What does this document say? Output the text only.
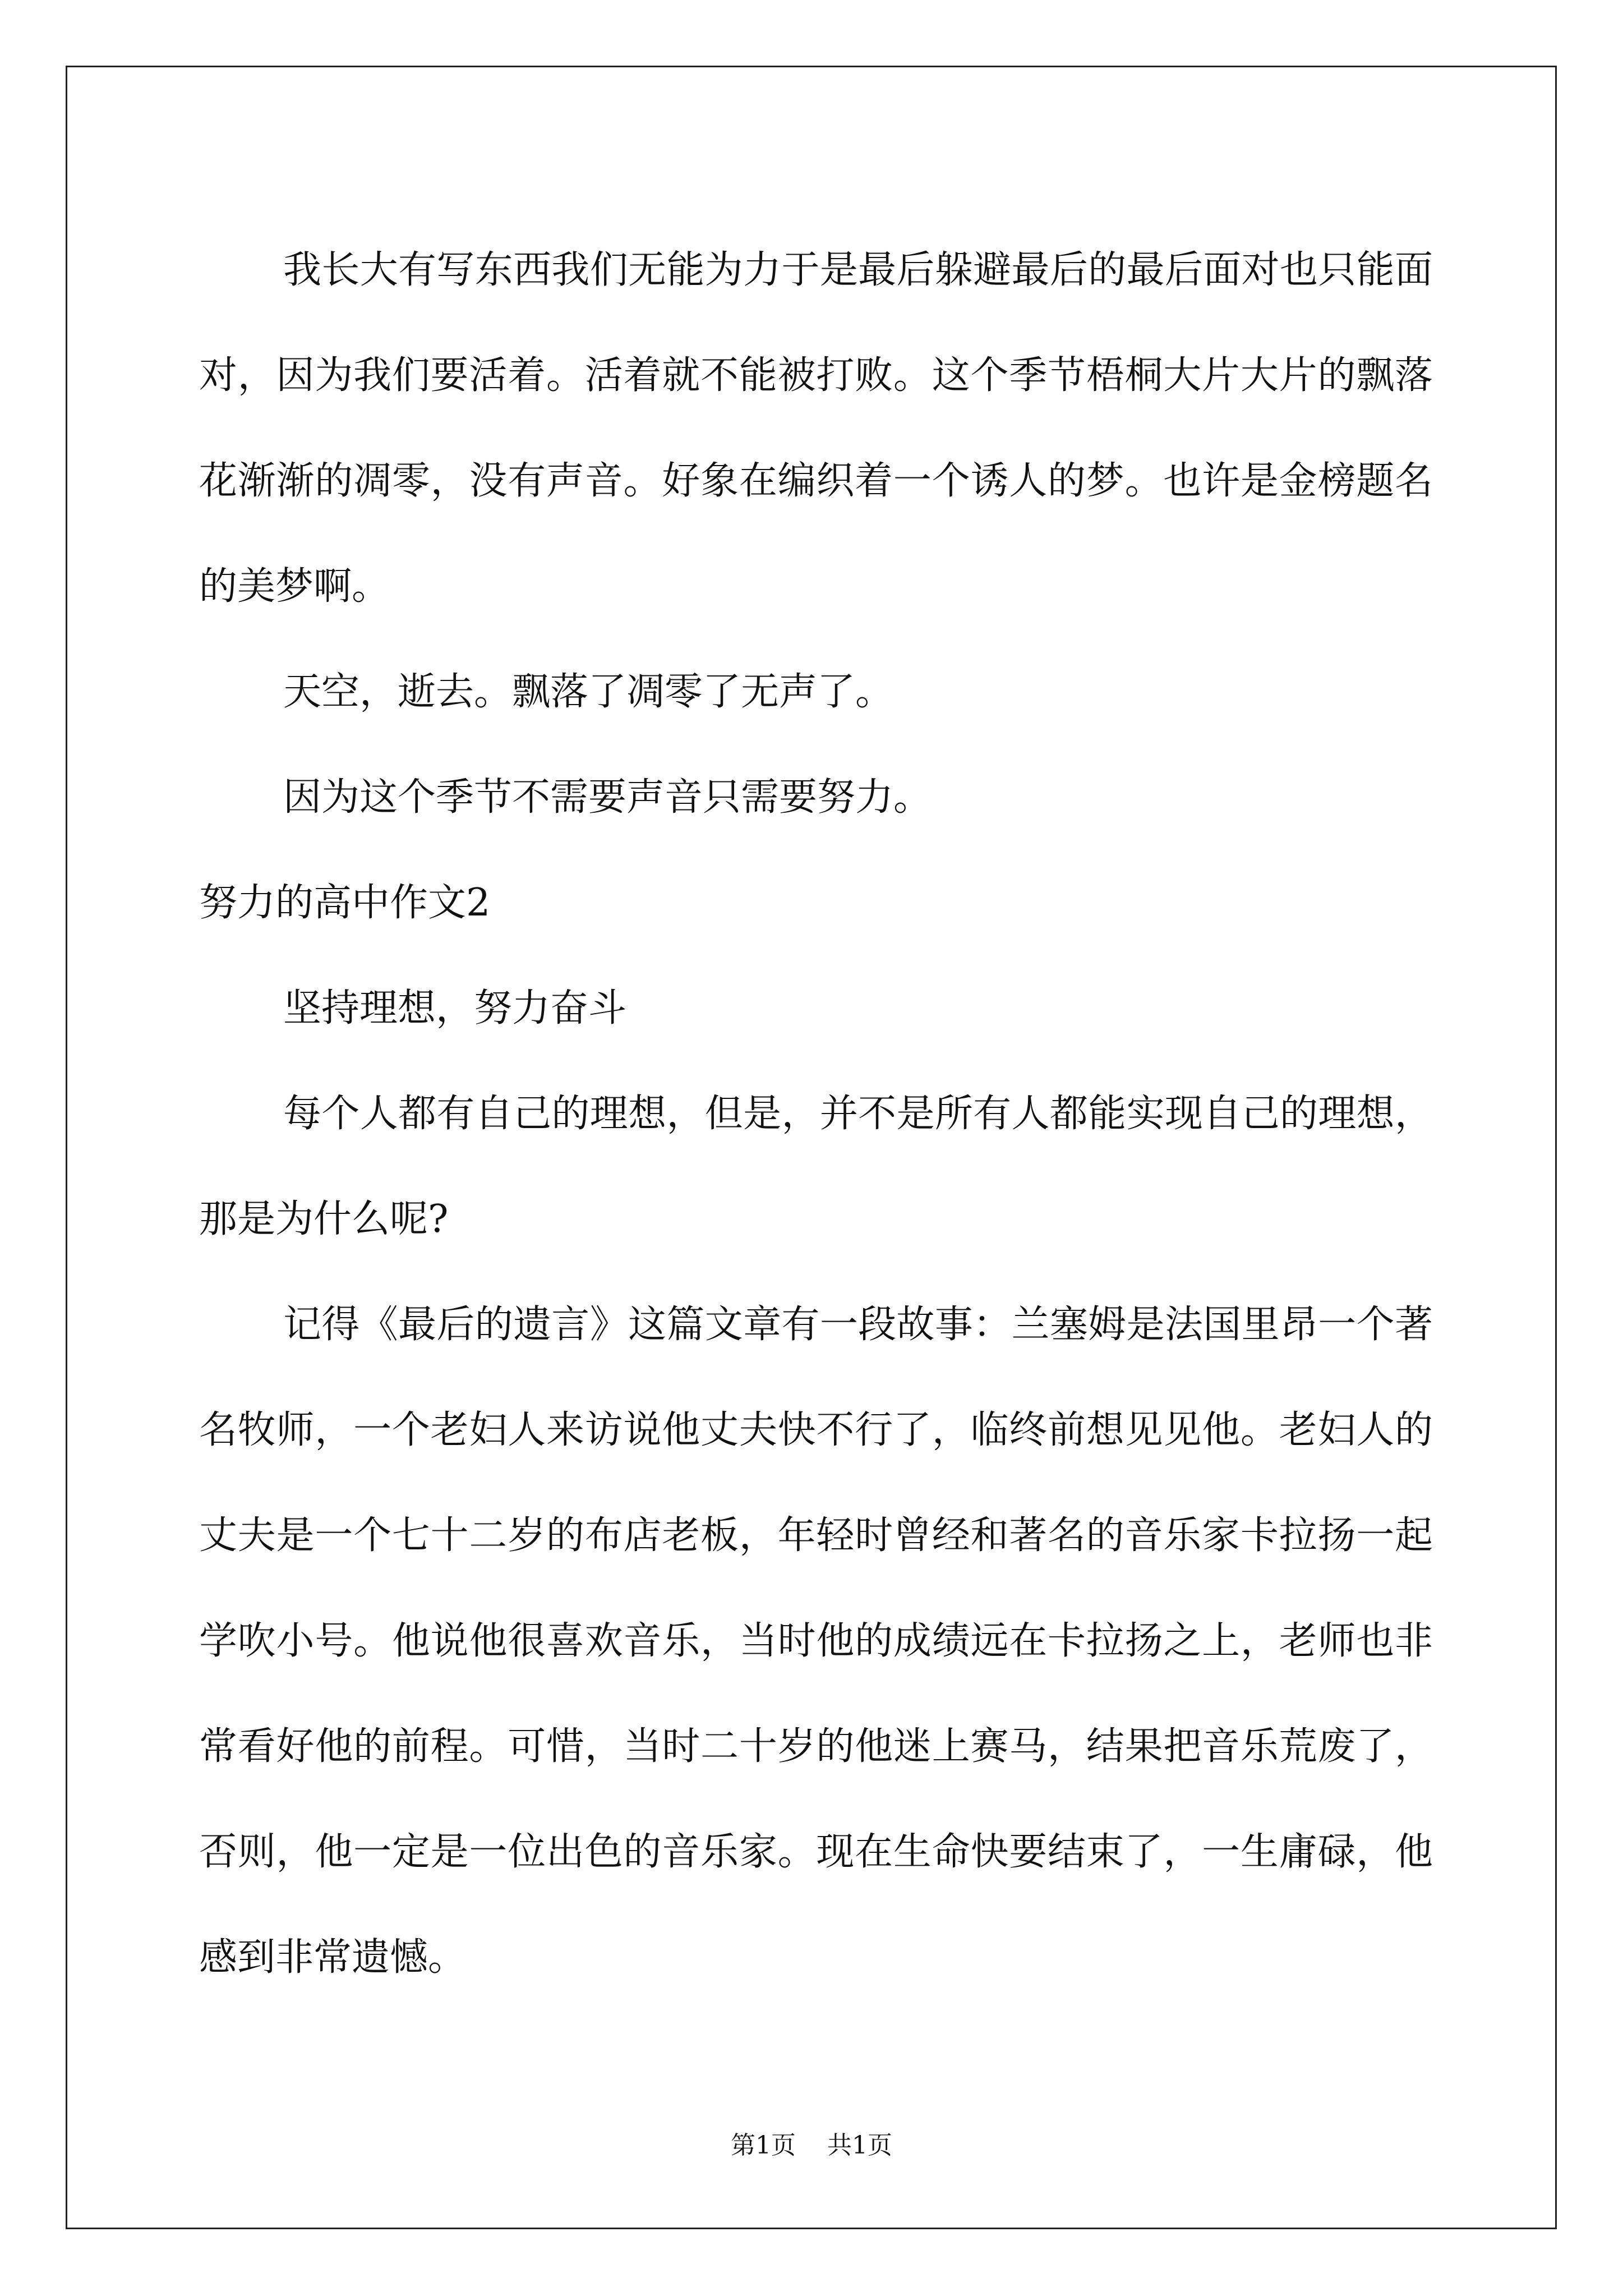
我长大有写东西我们无能为力于是最后躲避最后的最后面对也只能面对，因为我们要活着。活着就不能被打败。这个季节梧桐大片大片的飘落花渐渐的凋零，没有声音。好象在编织着一个诱人的梦。也许是金榜题名的美梦啊。

天空，逝去。飘落了凋零了无声了。

因为这个季节不需要声音只需要努力。

努力的高中作文2

坚持理想，努力奋斗

每个人都有自己的理想，但是，并不是所有人都能实现自己的理想，那是为什么呢?

记得《最后的遗言》这篇文章有一段故事：兰塞姆是法国里昂一个著名牧师，一个老妇人来访说他丈夫快不行了，临终前想见见他。老妇人的丈夫是一个七十二岁的布店老板，年轻时曾经和著名的音乐家卡拉扬一起学吹小号。他说他很喜欢音乐，当时他的成绩远在卡拉扬之上，老师也非常看好他的前程。可惜，当时二十岁的他迷上赛马，结果把音乐荒废了，否则，他一定是一位出色的音乐家。现在生命快要结束了，一生庸碌，他感到非常遗憾。

第1页 共1页
